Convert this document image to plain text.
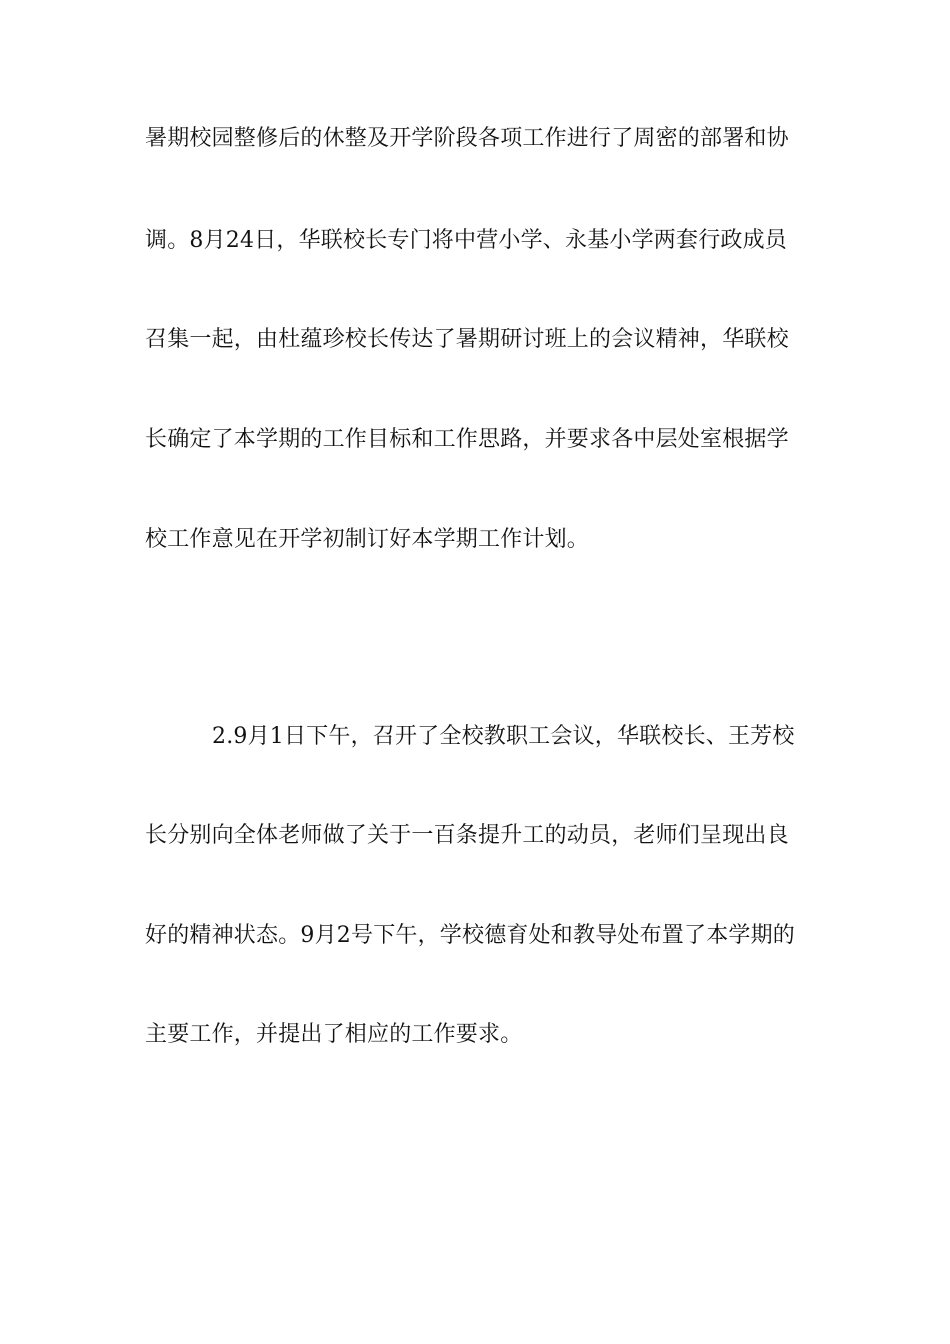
暑期校园整修后的休整及开学阶段各项工作进行了周密的部署和协
调。8月24日，华联校长专门将中营小学、永基小学两套行政成员
召集一起，由杜蕴珍校长传达了暑期研讨班上的会议精神，华联校
长确定了本学期的工作目标和工作思路，并要求各中层处室根据学
校工作意见在开学初制订好本学期工作计划。
2.9月1日下午，召开了全校教职工会议，华联校长、王芳校
长分别向全体老师做了关于一百条提升工的动员，老师们呈现出良
好的精神状态。9月2号下午，学校德育处和教导处布置了本学期的
主要工作，并提出了相应的工作要求。
